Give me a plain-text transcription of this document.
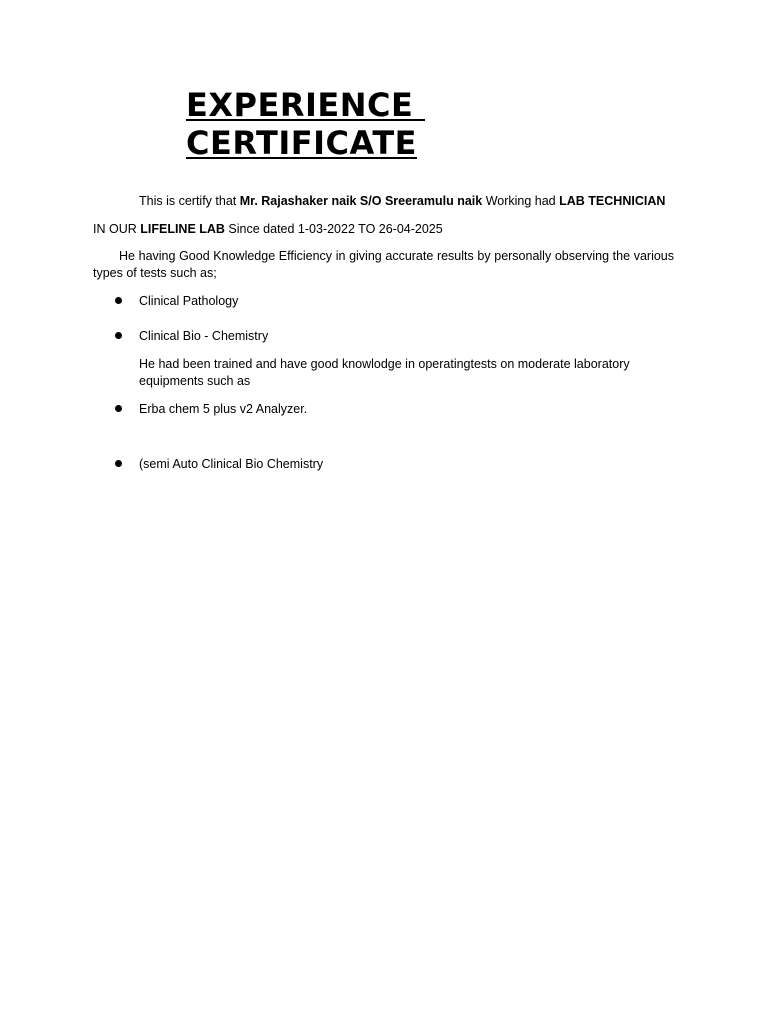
EXPERIENCE
CERTIFICATE
This is certify that Mr. Rajashaker naik S/O Sreeramulu naik Working had LAB TECHNICIAN
IN OUR LIFELINE LAB Since dated 1-03-2022 TO 26-04-2025
He having Good Knowledge Efficiency in giving accurate results by personally observing the various types of tests such as;
Clinical Pathology
Clinical Bio - Chemistry
He had been trained and have good knowlodge in operatingtests on moderate laboratory equipments such as
Erba chem 5 plus v2 Analyzer.
(semi Auto Clinical Bio Chemistry
